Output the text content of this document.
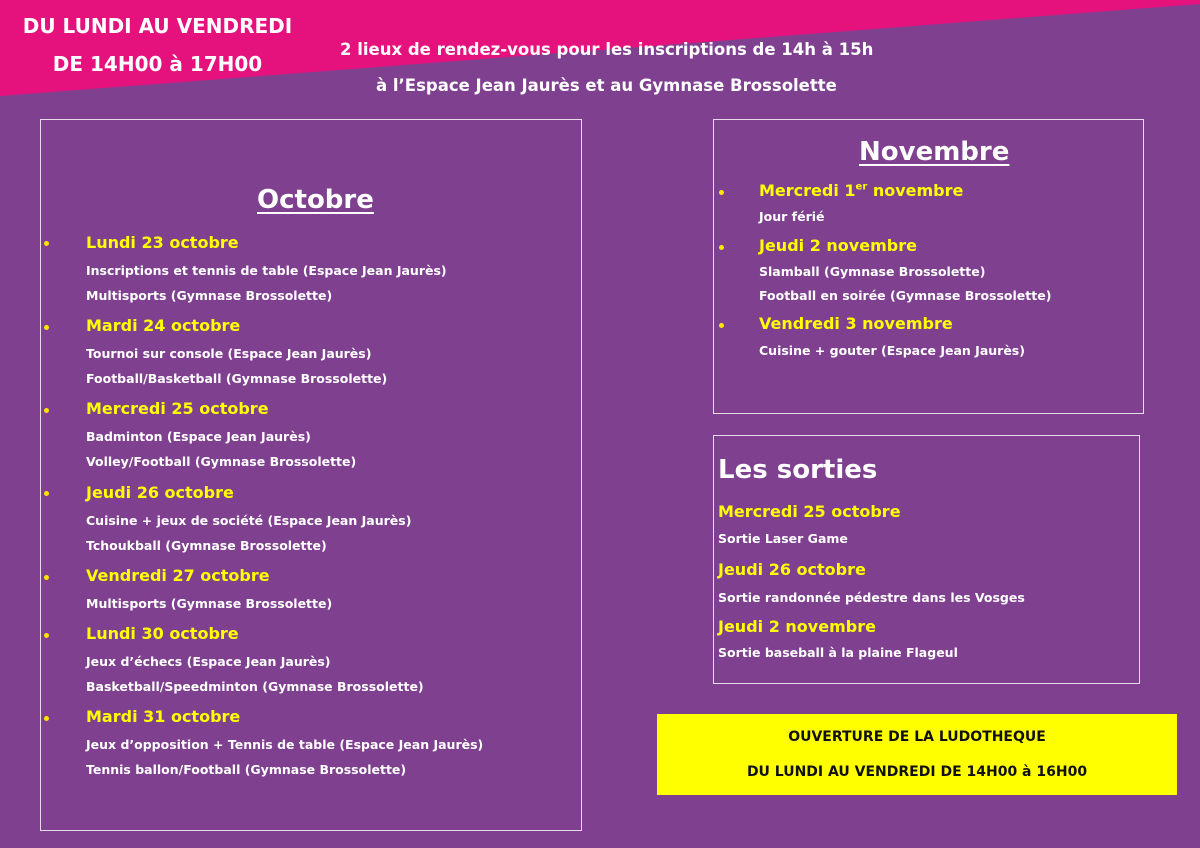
DU LUNDI AU VENDREDI
DE 14H00 à 17H00
2 lieux de rendez-vous pour les inscriptions de 14h à 15h
à l’Espace Jean Jaurès et au Gymnase Brossolette
Octobre
Lundi 23 octobre
Inscriptions et tennis de table (Espace Jean Jaurès)
Multisports (Gymnase Brossolette)
Mardi 24 octobre
Tournoi sur console (Espace Jean Jaurès)
Football/Basketball (Gymnase Brossolette)
Mercredi 25 octobre
Badminton (Espace Jean Jaurès)
Volley/Football (Gymnase Brossolette)
Jeudi 26 octobre
Cuisine + jeux de société (Espace Jean Jaurès)
Tchoukball (Gymnase Brossolette)
Vendredi 27 octobre
Multisports (Gymnase Brossolette)
Lundi 30 octobre
Jeux d’échecs (Espace Jean Jaurès)
Basketball/Speedminton (Gymnase Brossolette)
Mardi 31 octobre
Jeux d’opposition + Tennis de table (Espace Jean Jaurès)
Tennis ballon/Football (Gymnase Brossolette)
Novembre
Mercredi 1er novembre
Jour férié
Jeudi 2 novembre
Slamball (Gymnase Brossolette)
Football en soirée (Gymnase Brossolette)
Vendredi 3 novembre
Cuisine + gouter (Espace Jean Jaurès)
Les sorties
Mercredi 25 octobre
Sortie Laser Game
Jeudi 26 octobre
Sortie randonnée pédestre dans les Vosges
Jeudi 2 novembre
Sortie baseball à la plaine Flageul
OUVERTURE DE LA LUDOTHEQUE
DU LUNDI AU VENDREDI DE 14H00 à 16H00
